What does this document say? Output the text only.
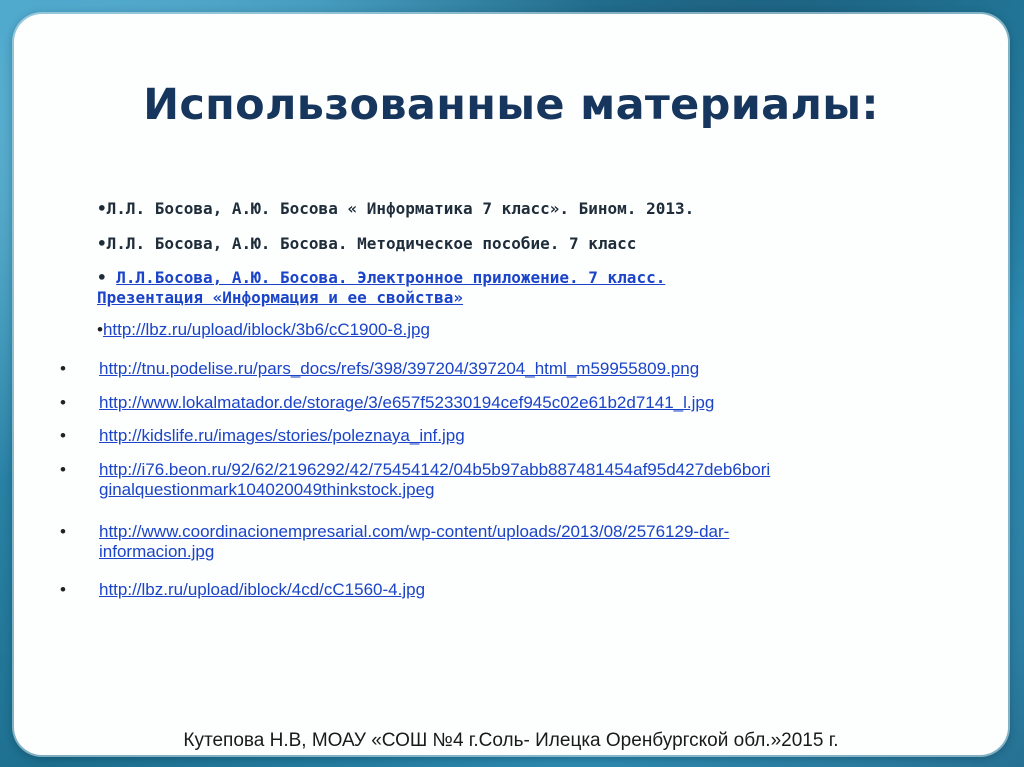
Использованные материалы:
•Л.Л. Босова, А.Ю. Босова « Информатика 7 класс». Бином. 2013.
•Л.Л. Босова, А.Ю. Босова. Методическое пособие. 7 класс
• Л.Л.Босова, А.Ю. Босова. Электронное приложение. 7 класс.
Презентация «Информация и ее свойства»
•http://lbz.ru/upload/iblock/3b6/cC1900-8.jpg
• http://tnu.podelise.ru/pars_docs/refs/398/397204/397204_html_m59955809.png
• http://www.lokalmatador.de/storage/3/e657f52330194cef945c02e61b2d7141_l.jpg
• http://kidslife.ru/images/stories/poleznaya_inf.jpg
• http://i76.beon.ru/92/62/2196292/42/75454142/04b5b97abb887481454af95d427deb6bori
ginalquestionmark104020049thinkstock.jpeg
• http://www.coordinacionempresarial.com/wp-content/uploads/2013/08/2576129-dar-
informacion.jpg
• http://lbz.ru/upload/iblock/4cd/cC1560-4.jpg
Кутепова Н.В, МОАУ «СОШ №4 г.Соль- Илецка Оренбургской обл.»2015 г.
